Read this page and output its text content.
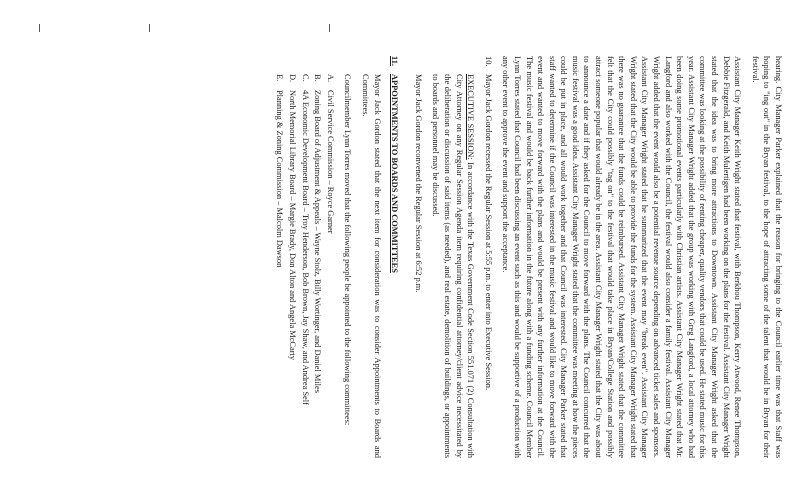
hearing. City Manager Parker explained that the reason for bringing to the Council earlier time was that Staff was hoping to "ing out" in the Bryan festival, to the hope of attracting some of the talent that would be in Bryan for their festival.

Assistant City Manager Keith Wright stated that festival, with Berkhou Thompson, Kerry Atwood, Renee Thompson, Debbie Fitzgerald, and Keith Mulertigen had been working on the plans for the festival. Assistant City Manager Wright stated that the idea was to bring more attractions to Downtown. Assistant City Manager Wright asked that the committee was looking at the possibility of renting cheaper, quality vendors that could be used. He stated music for this year. Assistant City Manager Wright added that the group was working with Greg Langford, a local attorney who had been doing some promotional events particularly with Christian artists. Assistant City Manager Wright stated that Mr. Langford and also worked with the Council, the festival would also consider a family festival. Assistant City Manager Wright added that the event would also be a potential revenue source depending on advanced ticket sales and sponsors. Assistant City Manager Wright stated that he summarized that the event may "break even". Assistant City Manager Wright stated that the City would be able to provide the funds for the system. Assistant City Manager Wright stated that there was no guarantee that the funds could be reimbursed. Assistant City Manager Wright stated that the committee felt that the City could possibly "tag on" to the festival that would take place in Bryan/College Station and possibly attract someone popular that would already be in the area. Assistant City Manager Wright stated that the City was about to announce a date and if they asked for the Council to move forward with the plans. The Council concurred that the music festival was a good idea. Assistant City Manager Wright stated that the committee was meeting at how the pieces could be put in place, and all would work together and that Council was interested. City Manager Parker stated that staff wanted to determine if the Council was interested in the music festival and would like to move forward with the event and wanted to move forward with the plans and would be present with any further information at the Council. The music festival and would be back further information in the future along with a funding scheme. Council Member Lynn Torres stated that Council had been discussing an event such as this and would be supportive of a production with any other event to approve the event and support the acceptance.

10.

Mayor Jack Gordon recessed the Regular Session at 5:55 p.m. to enter into Executive Session.

EXECUTIVE SESSION: In accordance with the Texas Government Code Section 551.071 (2) Consultation with City Attorney on any Regular Session Agenda item requiring confidential attorney/client advice necessitated by the deliberation or discussion of said items (as needed), and real estate, demolition of buildings, or appointments to boards and personnel may be discussed.

Mayor Jack Gordon reconvened the Regular Session at 6:52 p.m.

11.

APPOINTMENTS TO BOARDS AND COMMITTEES

Mayor Jack Gordon stated that the next item for consideration was to consider Appointments to Boards and Committees.

Councilmember Lynn Torres moved that the following people be appointed to the following committees:

A.
Civil Service Commission – Royce Garner
B.
Zoning Board of Adjustment & Appeals – Wayne Stolz, Billy Wortinger, and Daniel Miles
C.
4A Economic Development Board – Troy Henderson, Bob Brown, Jay Shaw, and Andrea Self
D.
North Memorial Library Board – Margie Brady, Don Alton and Angela McCarty
E.
Planning & Zoning Commission – Malcolm Dawson
